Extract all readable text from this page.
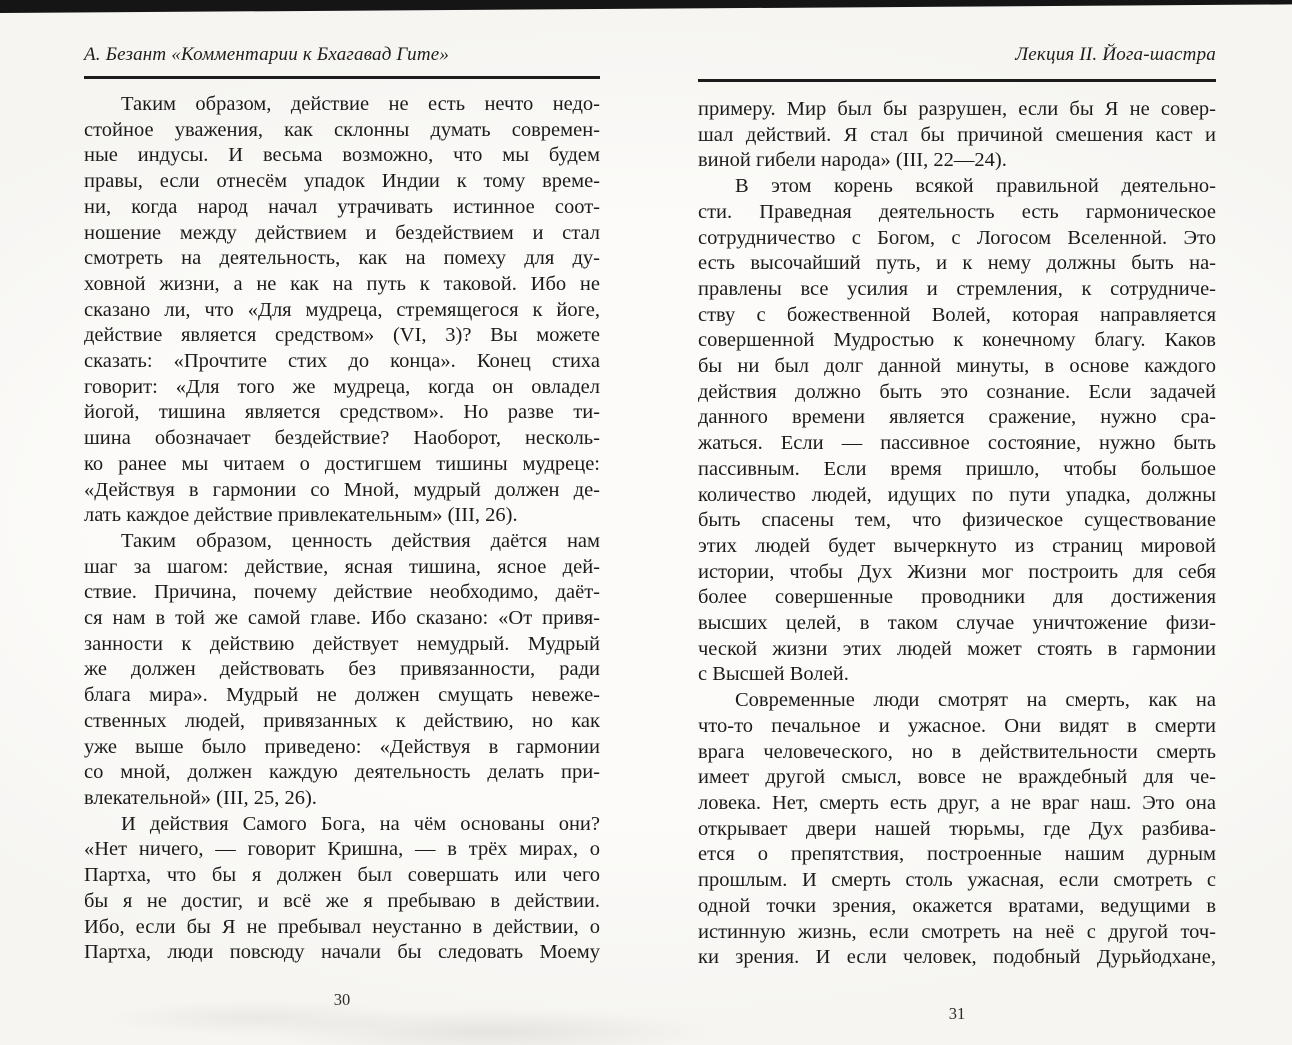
А. Безант «Комментарии к Бхагавад Гите»

Таким образом, действие не есть нечто недо-
стойное уважения, как склонны думать современ-
ные индусы. И весьма возможно, что мы будем
правы, если отнесём упадок Индии к тому време-
ни, когда народ начал утрачивать истинное соот-
ношение между действием и бездействием и стал
смотреть на деятельность, как на помеху для ду-
ховной жизни, а не как на путь к таковой. Ибо не
сказано ли, что «Для мудреца, стремящегося к йоге,
действие является средством» (VI, 3)? Вы можете
сказать: «Прочтите стих до конца». Конец стиха
говорит: «Для того же мудреца, когда он овладел
йогой, тишина является средством». Но разве ти-
шина обозначает бездействие? Наоборот, несколь-
ко ранее мы читаем о достигшем тишины мудреце:
«Действуя в гармонии со Мной, мудрый должен де-
лать каждое действие привлекательным» (III, 26).

Таким образом, ценность действия даётся нам
шаг за шагом: действие, ясная тишина, ясное дей-
ствие. Причина, почему действие необходимо, даёт-
ся нам в той же самой главе. Ибо сказано: «От привя-
занности к действию действует немудрый. Мудрый
же должен действовать без привязанности, ради
блага мира». Мудрый не должен смущать невеже-
ственных людей, привязанных к действию, но как
уже выше было приведено: «Действуя в гармонии
со мной, должен каждую деятельность делать при-
влекательной» (III, 25, 26).

И действия Самого Бога, на чём основаны они?
«Нет ничего, — говорит Кришна, — в трёх мирах, о
Партха, что бы я должен был совершать или чего
бы я не достиг, и всё же я пребываю в действии.
Ибо, если бы Я не пребывал неустанно в действии, о
Партха, люди повсюду начали бы следовать Моему

30
Лекция II. Йога-шастра

примеру. Мир был бы разрушен, если бы Я не совер-
шал действий. Я стал бы причиной смешения каст и
виной гибели народа» (III, 22—24).

В этом корень всякой правильной деятельно-
сти. Праведная деятельность есть гармоническое
сотрудничество с Богом, с Логосом Вселенной. Это
есть высочайший путь, и к нему должны быть на-
правлены все усилия и стремления, к сотрудниче-
ству с божественной Волей, которая направляется
совершенной Мудростью к конечному благу. Каков
бы ни был долг данной минуты, в основе каждого
действия должно быть это сознание. Если задачей
данного времени является сражение, нужно сра-
жаться. Если — пассивное состояние, нужно быть
пассивным. Если время пришло, чтобы большое
количество людей, идущих по пути упадка, должны
быть спасены тем, что физическое существование
этих людей будет вычеркнуто из страниц мировой
истории, чтобы Дух Жизни мог построить для себя
более совершенные проводники для достижения
высших целей, в таком случае уничтожение физи-
ческой жизни этих людей может стоять в гармонии
с Высшей Волей.

Современные люди смотрят на смерть, как на
что-то печальное и ужасное. Они видят в смерти
врага человеческого, но в действительности смерть
имеет другой смысл, вовсе не враждебный для че-
ловека. Нет, смерть есть друг, а не враг наш. Это она
открывает двери нашей тюрьмы, где Дух разбива-
ется о препятствия, построенные нашим дурным
прошлым. И смерть столь ужасная, если смотреть с
одной точки зрения, окажется вратами, ведущими в
истинную жизнь, если смотреть на неё с другой точ-
ки зрения. И если человек, подобный Дурьйодхане,

31
